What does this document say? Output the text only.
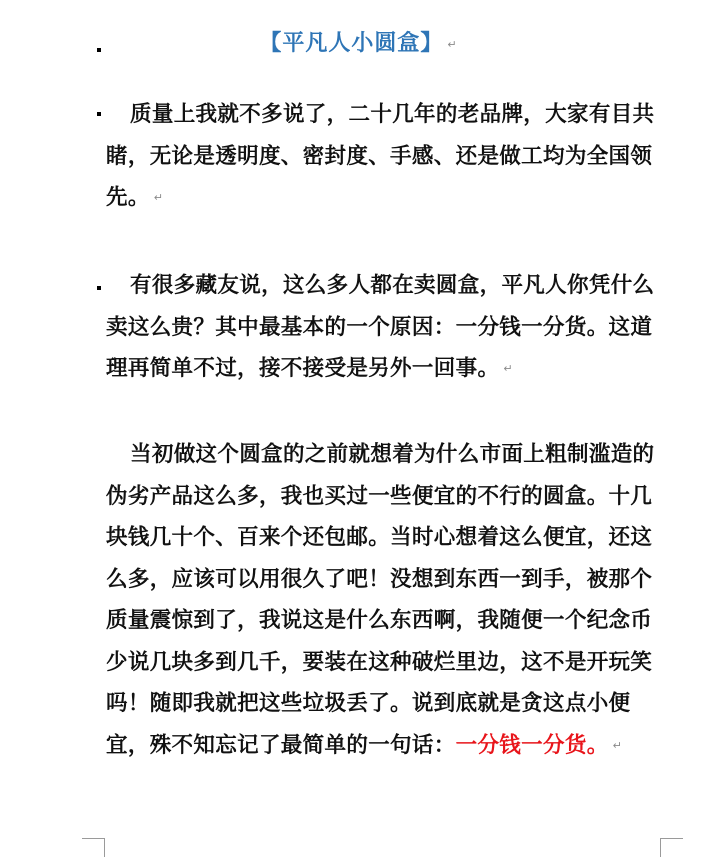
【平凡人小圆盒】 ↵

质量上我就不多说了，二十几年的老品牌，大家有目共睹，无论是透明度、密封度、手感、还是做工均为全国领先。 ↵

有很多藏友说，这么多人都在卖圆盒，平凡人你凭什么卖这么贵？其中最基本的一个原因：一分钱一分货。这道理再简单不过，接不接受是另外一回事。 ↵

当初做这个圆盒的之前就想着为什么市面上粗制滥造的伪劣产品这么多，我也买过一些便宜的不行的圆盒。十几块钱几十个、百来个还包邮。当时心想着这么便宜，还这么多，应该可以用很久了吧！没想到东西一到手，被那个质量震惊到了，我说这是什么东西啊，我随便一个纪念币少说几块多到几千，要装在这种破烂里边，这不是开玩笑吗！随即我就把这些垃圾丢了。说到底就是贪这点小便宜，殊不知忘记了最简单的一句话：一分钱一分货。 ↵
